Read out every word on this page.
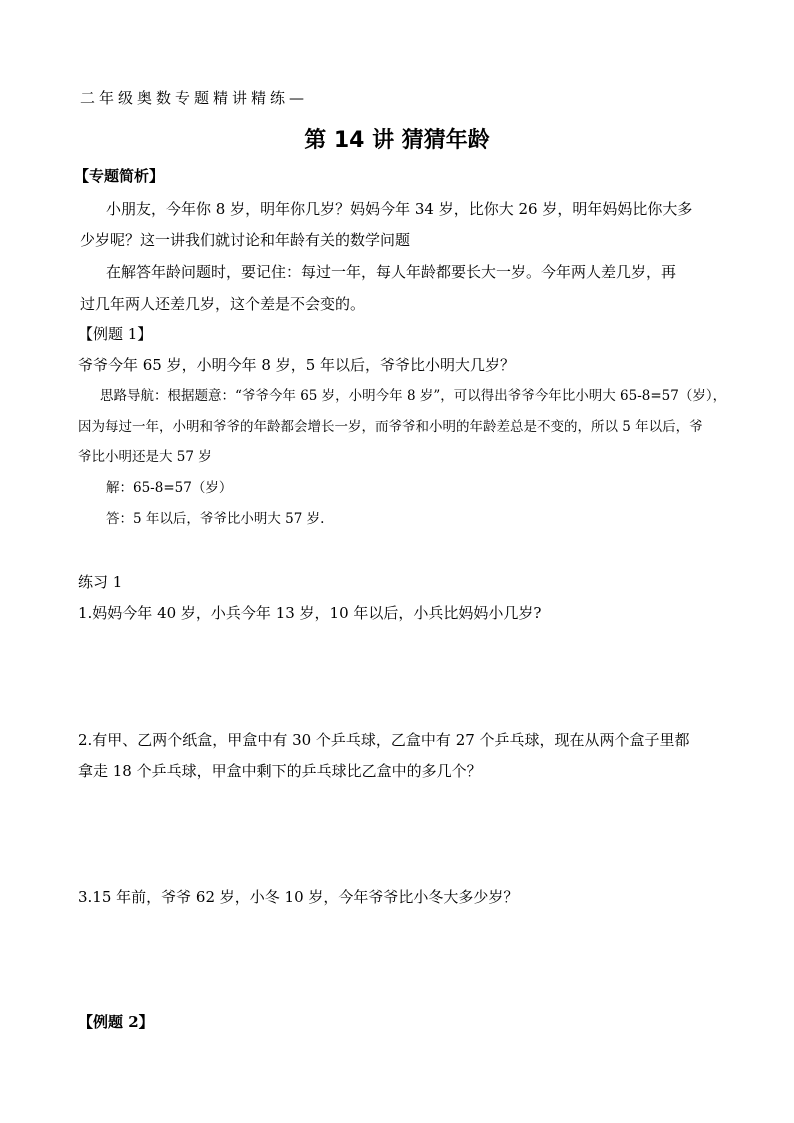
二年级奥数专题精讲精练—
第 14 讲 猜猜年龄
【专题简析】
小朋友，今年你 8 岁，明年你几岁？妈妈今年 34 岁，比你大 26 岁，明年妈妈比你大多
少岁呢？这一讲我们就讨论和年龄有关的数学问题
在解答年龄问题时，要记住：每过一年，每人年龄都要长大一岁。今年两人差几岁，再
过几年两人还差几岁，这个差是不会变的。
【例题 1】
爷爷今年 65 岁，小明今年 8 岁，5 年以后，爷爷比小明大几岁？
思路导航：根据题意：“爷爷今年 65 岁，小明今年 8 岁”，可以得出爷爷今年比小明大 65-8=57（岁），
因为每过一年，小明和爷爷的年龄都会增长一岁，而爷爷和小明的年龄差总是不变的，所以 5 年以后，爷
爷比小明还是大 57 岁
解：65-8=57（岁）
答：5 年以后，爷爷比小明大 57 岁.
练习 1
1.妈妈今年 40 岁，小兵今年 13 岁，10 年以后，小兵比妈妈小几岁?
2.有甲、乙两个纸盒，甲盒中有 30 个乒乓球，乙盒中有 27 个乒乓球，现在从两个盒子里都
拿走 18 个乒乓球，甲盒中剩下的乒乓球比乙盒中的多几个？
3.15 年前，爷爷 62 岁，小冬 10 岁，今年爷爷比小冬大多少岁？
【例题 2】
